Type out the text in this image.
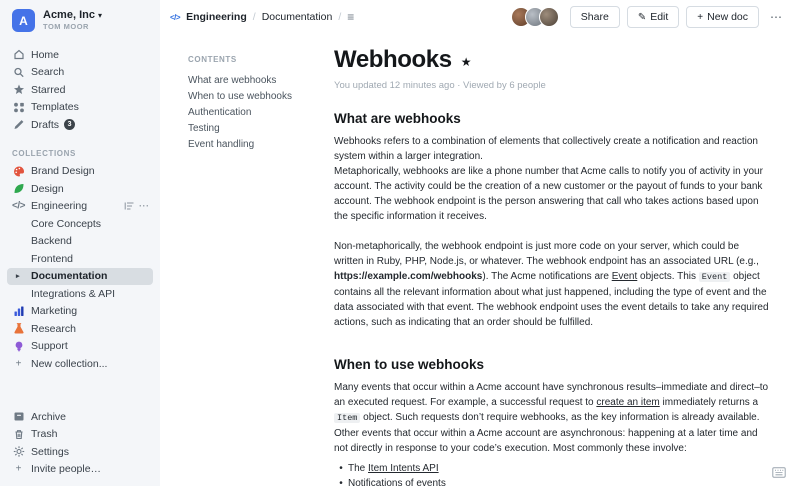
A	Acme, Inc ▾
TOM MOOR
Home
Search
Starred
Templates
Drafts	3
COLLECTIONS
Brand Design
Design
</> Engineering	⋯
Core Concepts
Backend
Frontend
▸ Documentation
Integrations & API
Marketing
Research
Support
+ New collection...
Archive
Trash
Settings
+ Invite people…
</> Engineering / Documentation / ≡	Share	✎ Edit	+ New doc	⋯
CONTENTS
What are webhooks
When to use webhooks
Authentication
Testing
Event handling
Webhooks ★
You updated 12 minutes ago · Viewed by 6 people
What are webhooks
Webhooks refers to a combination of elements that collectively create a notification and reaction system within a larger integration.
Metaphorically, webhooks are like a phone number that Acme calls to notify you of activity in your account. The activity could be the creation of a new customer or the payout of funds to your bank account. The webhook endpoint is the person answering that call who takes actions based upon the specific information it receives.
Non-metaphorically, the webhook endpoint is just more code on your server, which could be written in Ruby, PHP, Node.js, or whatever. The webhook endpoint has an associated URL (e.g., https://example.com/webhooks). The Acme notifications are Event objects. This Event object contains all the relevant information about what just happened, including the type of event and the data associated with that event. The webhook endpoint uses the event details to take any required actions, such as indicating that an order should be fulfilled.
When to use webhooks
Many events that occur within a Acme account have synchronous results–immediate and direct–to an executed request. For example, a successful request to create an item immediately returns a Item object. Such requests don’t require webhooks, as the key information is already available. Other events that occur within a Acme account are asynchronous: happening at a later time and not directly in response to your code’s execution. Most commonly these involve:
• The Item Intents API
• Notifications of events
